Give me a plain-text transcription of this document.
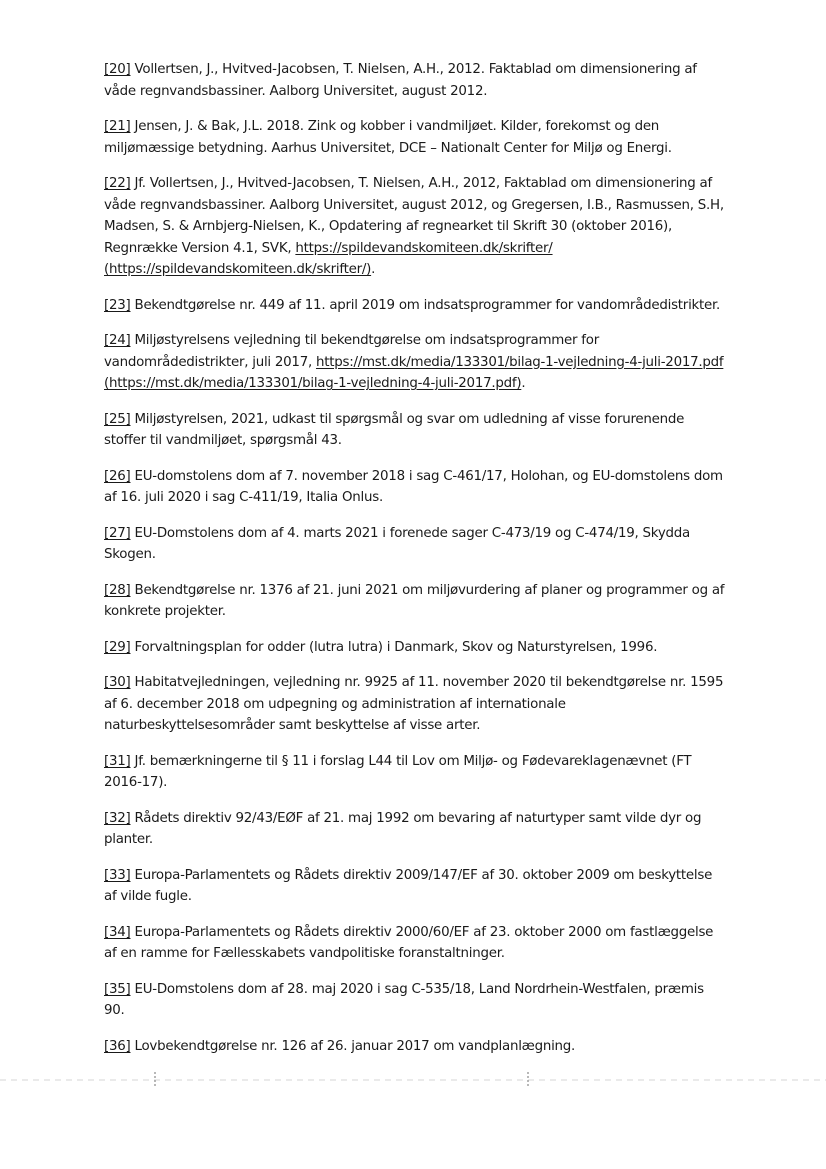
[20] Vollertsen, J., Hvitved-Jacobsen, T. Nielsen, A.H., 2012. Faktablad om dimensionering af våde regnvandsbassiner. Aalborg Universitet, august 2012.
[21] Jensen, J. & Bak, J.L. 2018. Zink og kobber i vandmiljøet. Kilder, forekomst og den miljømæssige betydning. Aarhus Universitet, DCE – Nationalt Center for Miljø og Energi.
[22] Jf. Vollertsen, J., Hvitved-Jacobsen, T. Nielsen, A.H., 2012, Faktablad om dimensionering af våde regnvandsbassiner. Aalborg Universitet, august 2012, og Gregersen, I.B., Rasmussen, S.H, Madsen, S. & Arnbjerg-Nielsen, K., Opdatering af regnearket til Skrift 30 (oktober 2016), Regnrække Version 4.1, SVK, https://spildevandskomiteen.dk/skrifter/ (https://spildevandskomiteen.dk/skrifter/).
[23] Bekendtgørelse nr. 449 af 11. april 2019 om indsatsprogrammer for vandområdedistrikter.
[24] Miljøstyrelsens vejledning til bekendtgørelse om indsatsprogrammer for vandområdedistrikter, juli 2017, https://mst.dk/media/133301/bilag-1-vejledning-4-juli-2017.pdf (https://mst.dk/media/133301/bilag-1-vejledning-4-juli-2017.pdf).
[25] Miljøstyrelsen, 2021, udkast til spørgsmål og svar om udledning af visse forurenende stoffer til vandmiljøet, spørgsmål 43.
[26] EU-domstolens dom af 7. november 2018 i sag C-461/17, Holohan, og EU-domstolens dom af 16. juli 2020 i sag C-411/19, Italia Onlus.
[27] EU-Domstolens dom af 4. marts 2021 i forenede sager C-473/19 og C-474/19, Skydda Skogen.
[28] Bekendtgørelse nr. 1376 af 21. juni 2021 om miljøvurdering af planer og programmer og af konkrete projekter.
[29] Forvaltningsplan for odder (lutra lutra) i Danmark, Skov og Naturstyrelsen, 1996.
[30] Habitatvejledningen, vejledning nr. 9925 af 11. november 2020 til bekendtgørelse nr. 1595 af 6. december 2018 om udpegning og administration af internationale naturbeskyttelsesområder samt beskyttelse af visse arter.
[31] Jf. bemærkningerne til § 11 i forslag L44 til Lov om Miljø- og Fødevareklagenævnet (FT 2016-17).
[32] Rådets direktiv 92/43/EØF af 21. maj 1992 om bevaring af naturtyper samt vilde dyr og planter.
[33] Europa-Parlamentets og Rådets direktiv 2009/147/EF af 30. oktober 2009 om beskyttelse af vilde fugle.
[34] Europa-Parlamentets og Rådets direktiv 2000/60/EF af 23. oktober 2000 om fastlæggelse af en ramme for Fællesskabets vandpolitiske foranstaltninger.
[35] EU-Domstolens dom af 28. maj 2020 i sag C-535/18, Land Nordrhein-Westfalen, præmis 90.
[36] Lovbekendtgørelse nr. 126 af 26. januar 2017 om vandplanlægning.
